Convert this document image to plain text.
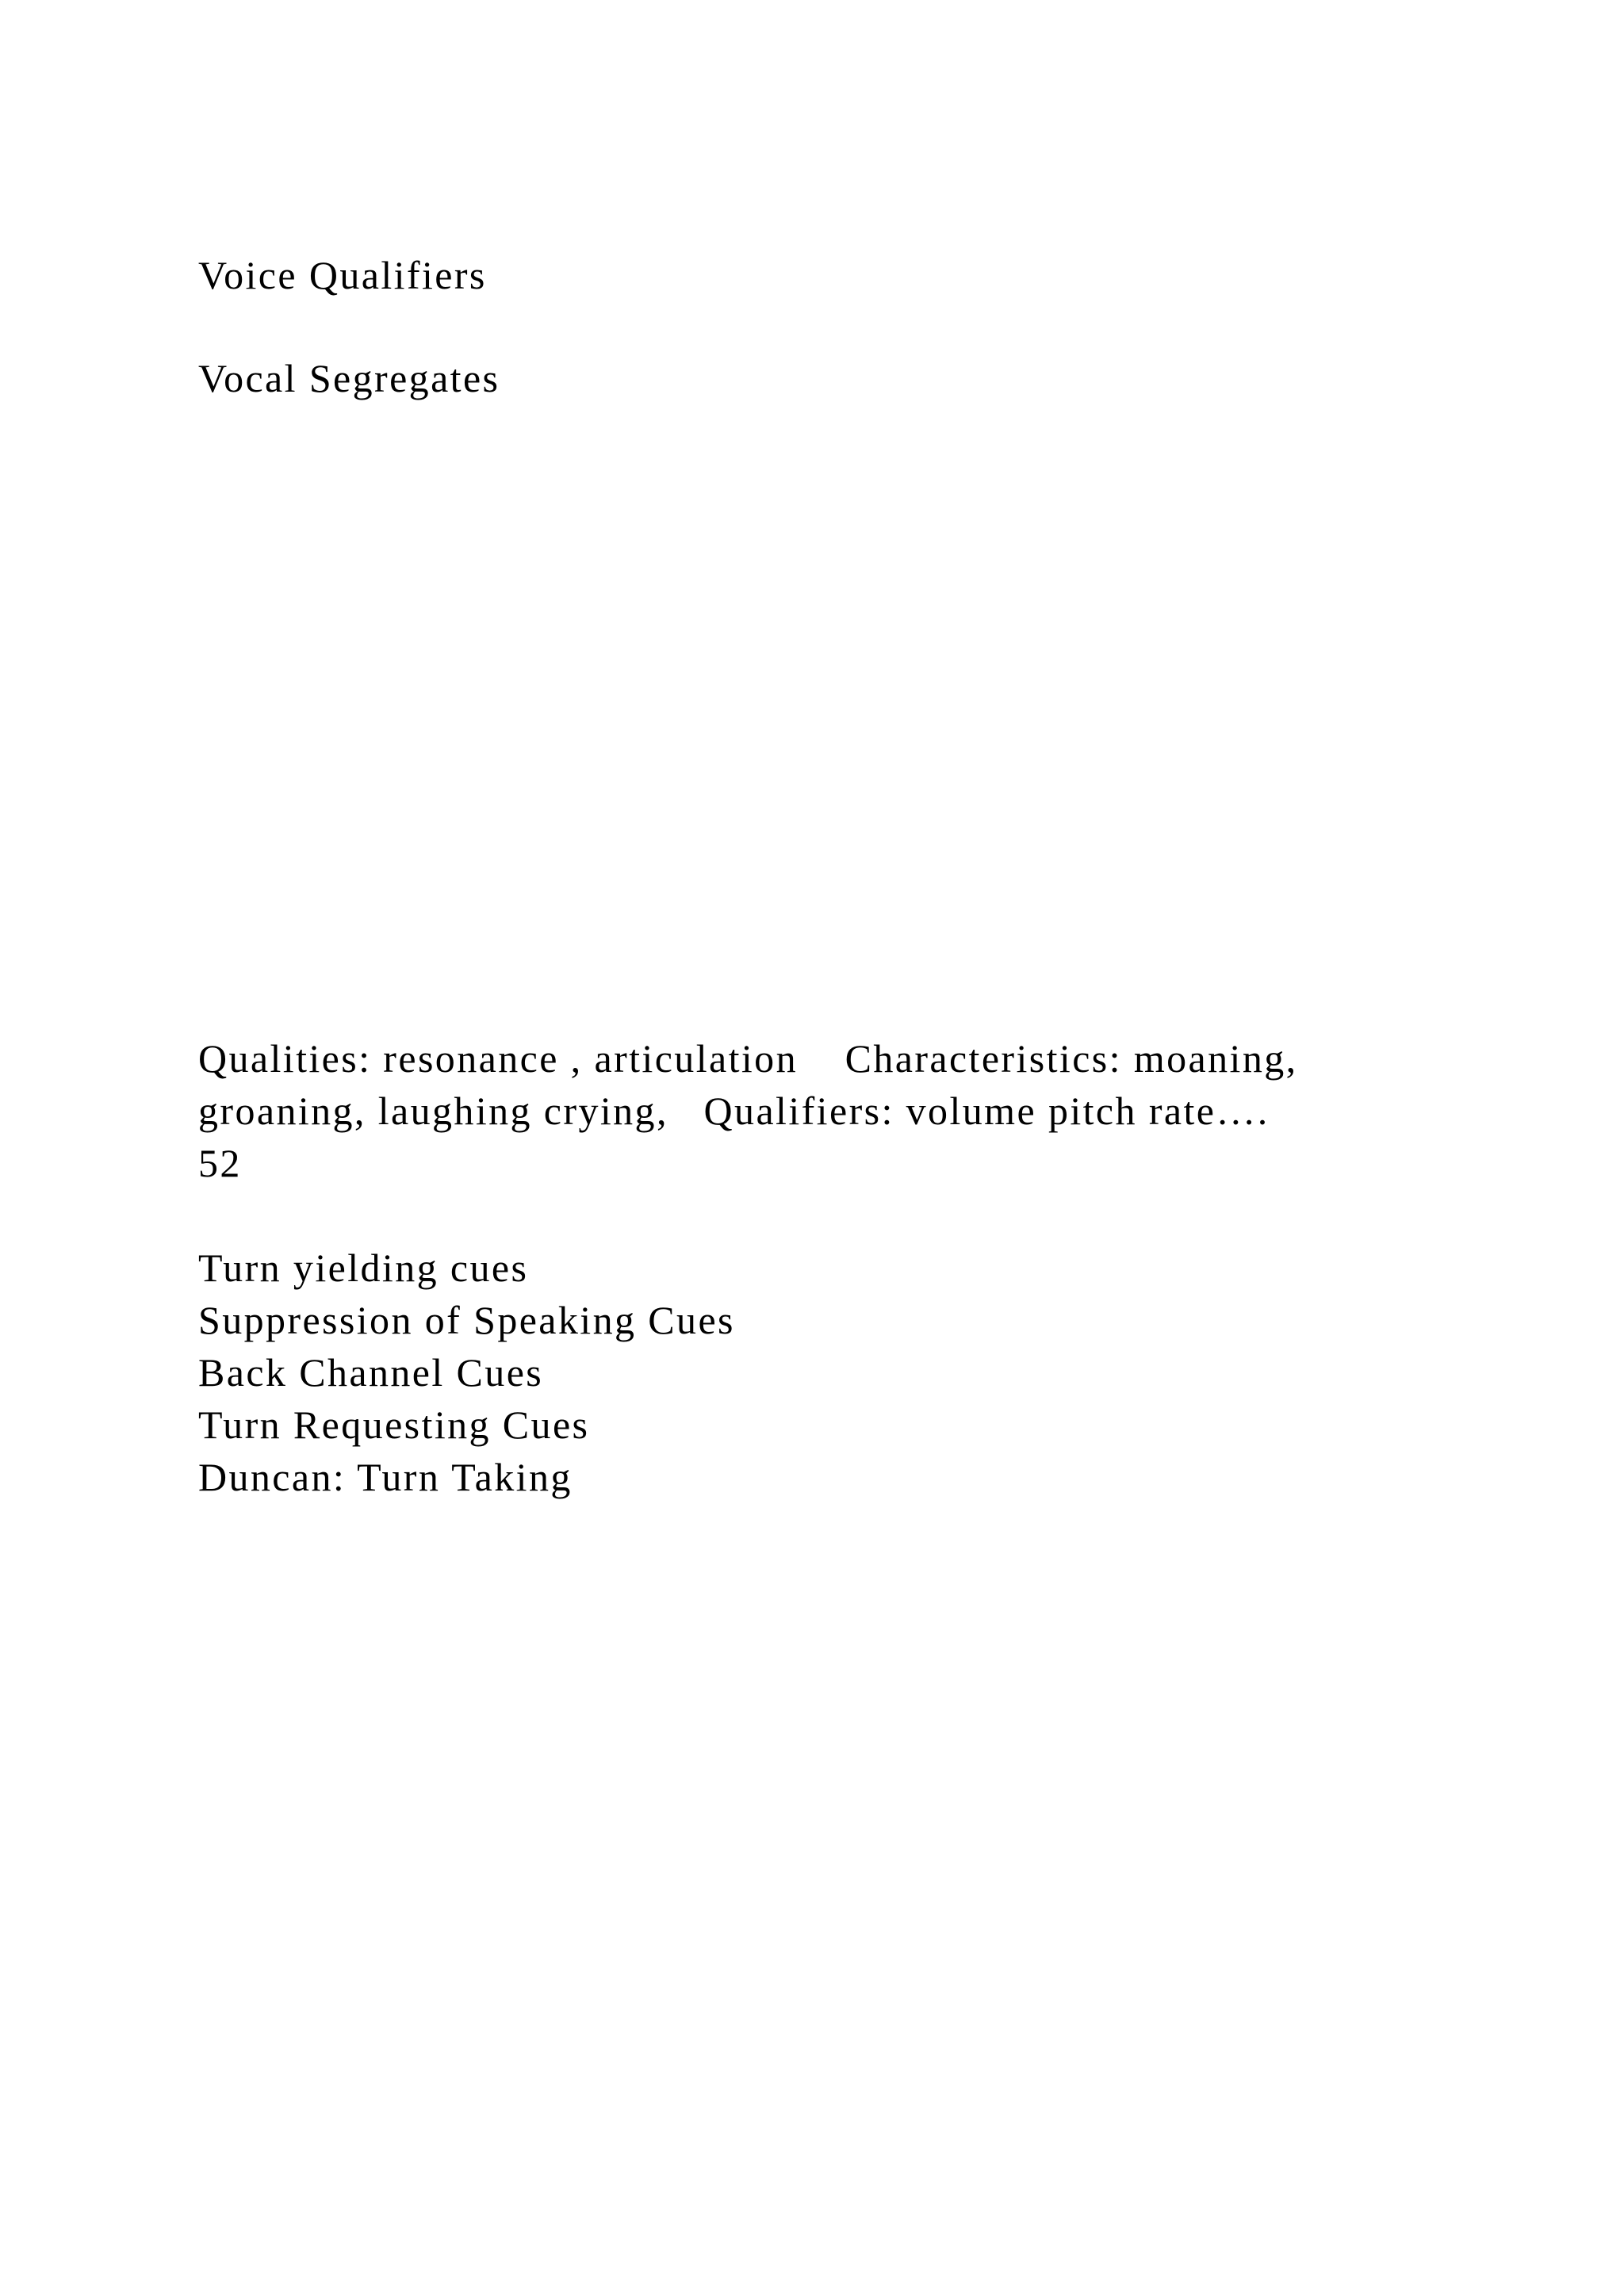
Voice Qualifiers

Vocal Segregates

Qualities: resonance , articulation    Characteristics: moaning,

groaning, laughing crying,   Qualifiers: volume pitch rate….

52

Turn yielding cues

Suppression of Speaking Cues

Back Channel Cues

Turn Requesting Cues

Duncan: Turn Taking
